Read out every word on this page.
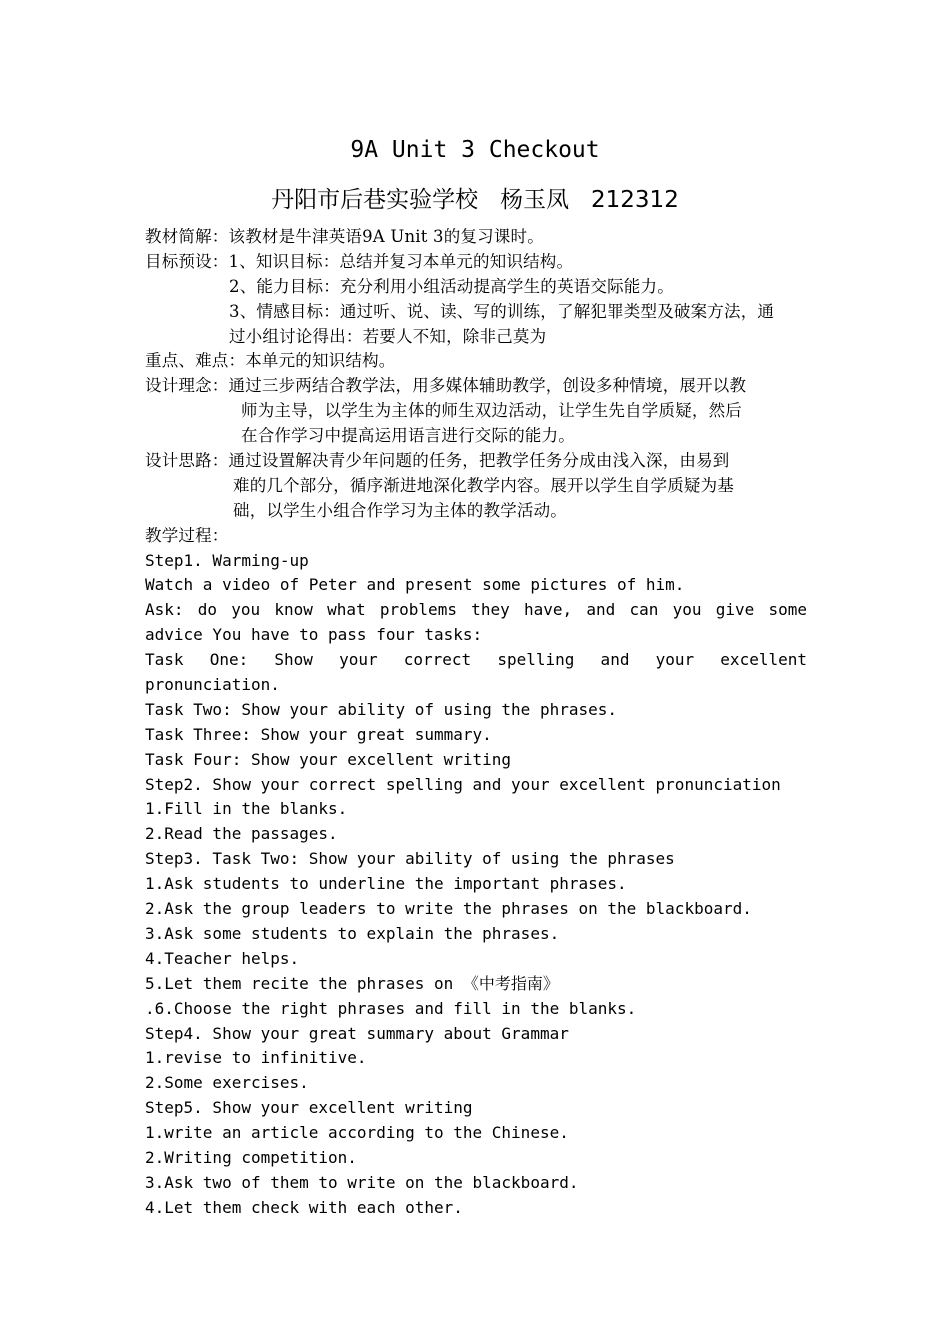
9A Unit 3 Checkout
丹阳市后巷实验学校   杨玉凤   212312
教材简解：该教材是牛津英语9A Unit 3的复习课时。
目标预设：1、知识目标：总结并复习本单元的知识结构。
2、能力目标：充分利用小组活动提高学生的英语交际能力。
3、情感目标：通过听、说、读、写的训练，了解犯罪类型及破案方法，通
过小组讨论得出：若要人不知，除非己莫为
重点、难点：本单元的知识结构。
设计理念：通过三步两结合教学法，用多媒体辅助教学，创设多种情境，展开以教
师为主导，以学生为主体的师生双边活动，让学生先自学质疑，然后
在合作学习中提高运用语言进行交际的能力。
设计思路：通过设置解决青少年问题的任务，把教学任务分成由浅入深，由易到
难的几个部分，循序渐进地深化教学内容。展开以学生自学质疑为基
础，以学生小组合作学习为主体的教学活动。
教学过程：
Step1. Warming-up
Watch a video of Peter and present some pictures of him.
Ask: do you know what problems they have, and can you give some
advice You have to pass four tasks:
Task One: Show your correct spelling and your excellent
pronunciation.
Task Two: Show your ability of using the phrases.
Task Three: Show your great summary.
Task Four: Show your excellent writing
Step2. Show your correct spelling and your excellent pronunciation
1.Fill in the blanks.
2.Read the passages.
Step3. Task Two: Show your ability of using the phrases
1.Ask students to underline the important phrases.
2.Ask the group leaders to write the phrases on the blackboard.
3.Ask some students to explain the phrases.
4.Teacher helps.
5.Let them recite the phrases on 《中考指南》
.6.Choose the right phrases and fill in the blanks.
Step4. Show your great summary about Grammar
1.revise to infinitive.
2.Some exercises.
Step5. Show your excellent writing
1.write an article according to the Chinese.
2.Writing competition.
3.Ask two of them to write on the blackboard.
4.Let them check with each other.
